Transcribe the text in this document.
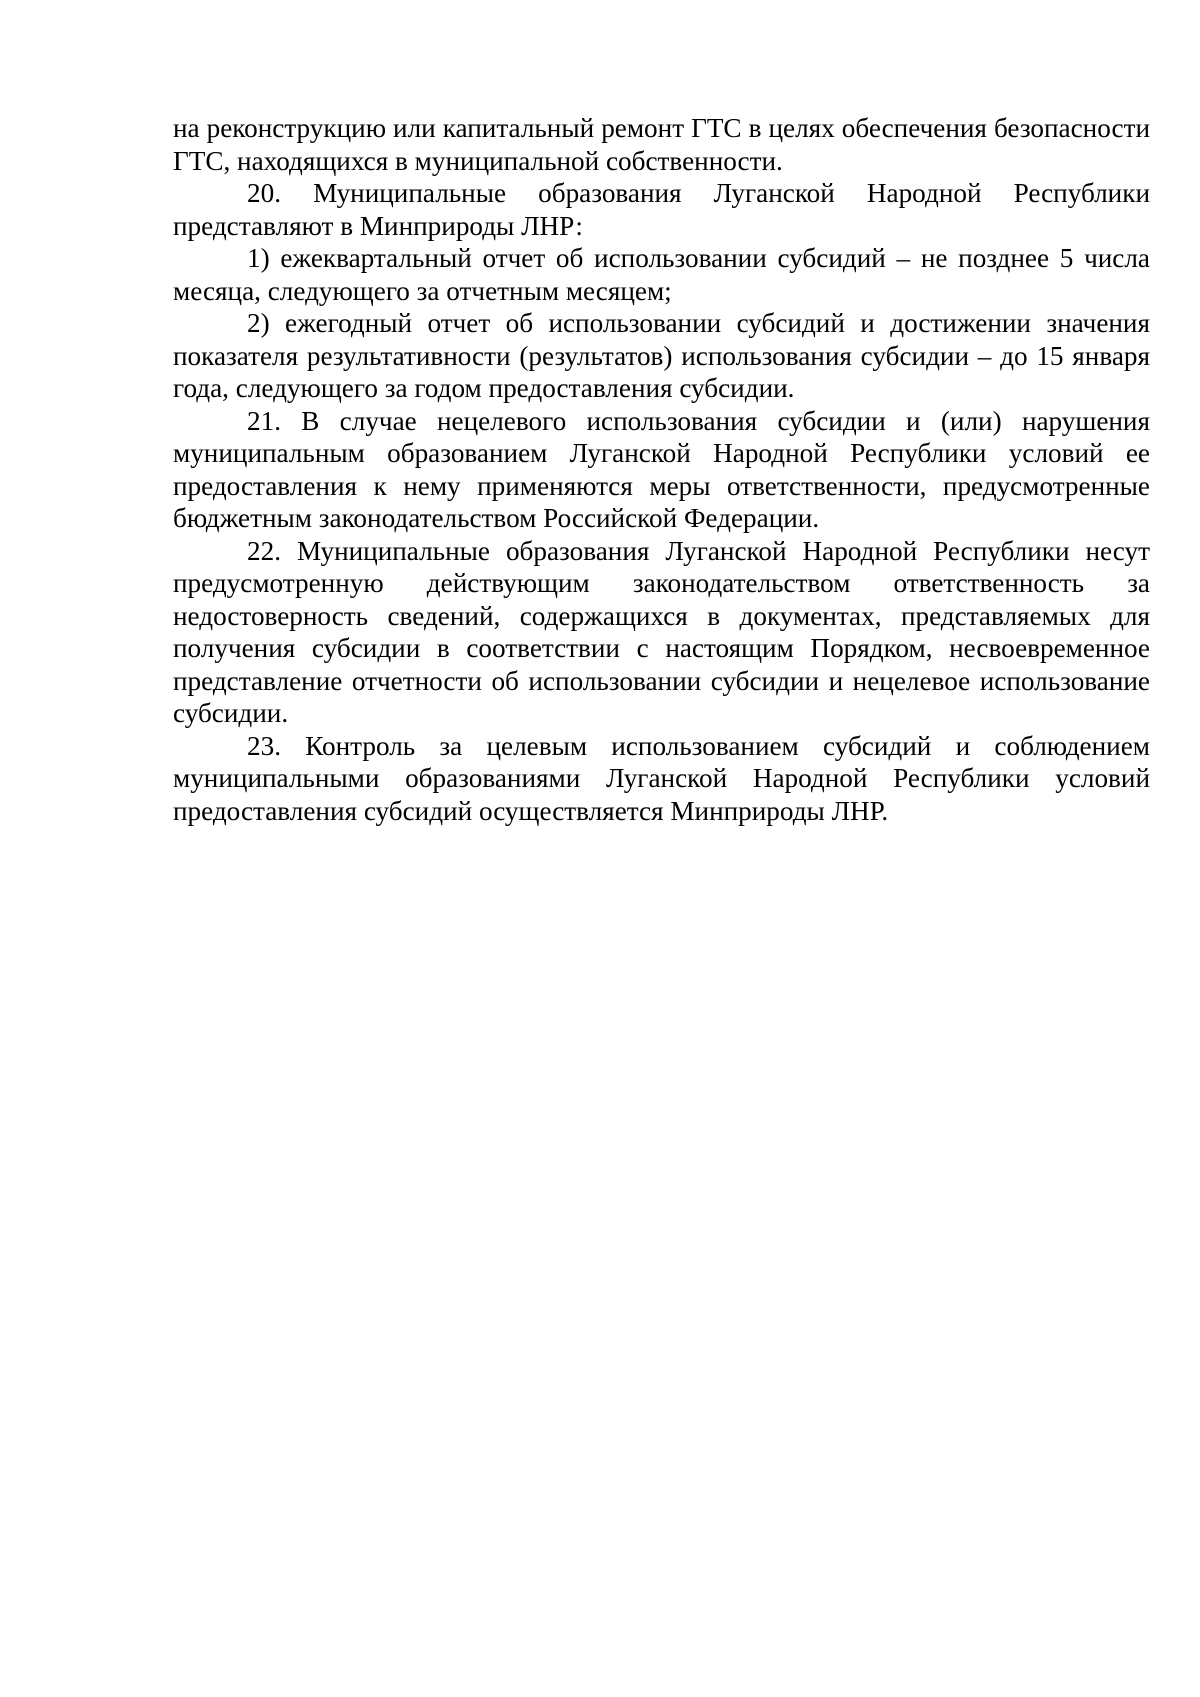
на реконструкцию или капитальный ремонт ГТС в целях обеспечения безопасности ГТС, находящихся в муниципальной собственности.

20. Муниципальные образования Луганской Народной Республики представляют в Минприроды ЛНР:

1) ежеквартальный отчет об использовании субсидий – не позднее 5 числа месяца, следующего за отчетным месяцем;

2) ежегодный отчет об использовании субсидий и достижении значения показателя результативности (результатов) использования субсидии – до 15 января года, следующего за годом предоставления субсидии.

21. В случае нецелевого использования субсидии и (или) нарушения муниципальным образованием Луганской Народной Республики условий ее предоставления к нему применяются меры ответственности, предусмотренные бюджетным законодательством Российской Федерации.

22. Муниципальные образования Луганской Народной Республики несут предусмотренную действующим законодательством ответственность за недостоверность сведений, содержащихся в документах, представляемых для получения субсидии в соответствии с настоящим Порядком, несвоевременное представление отчетности об использовании субсидии и нецелевое использование субсидии.

23. Контроль за целевым использованием субсидий и соблюдением муниципальными образованиями Луганской Народной Республики условий предоставления субсидий осуществляется Минприроды ЛНР.
